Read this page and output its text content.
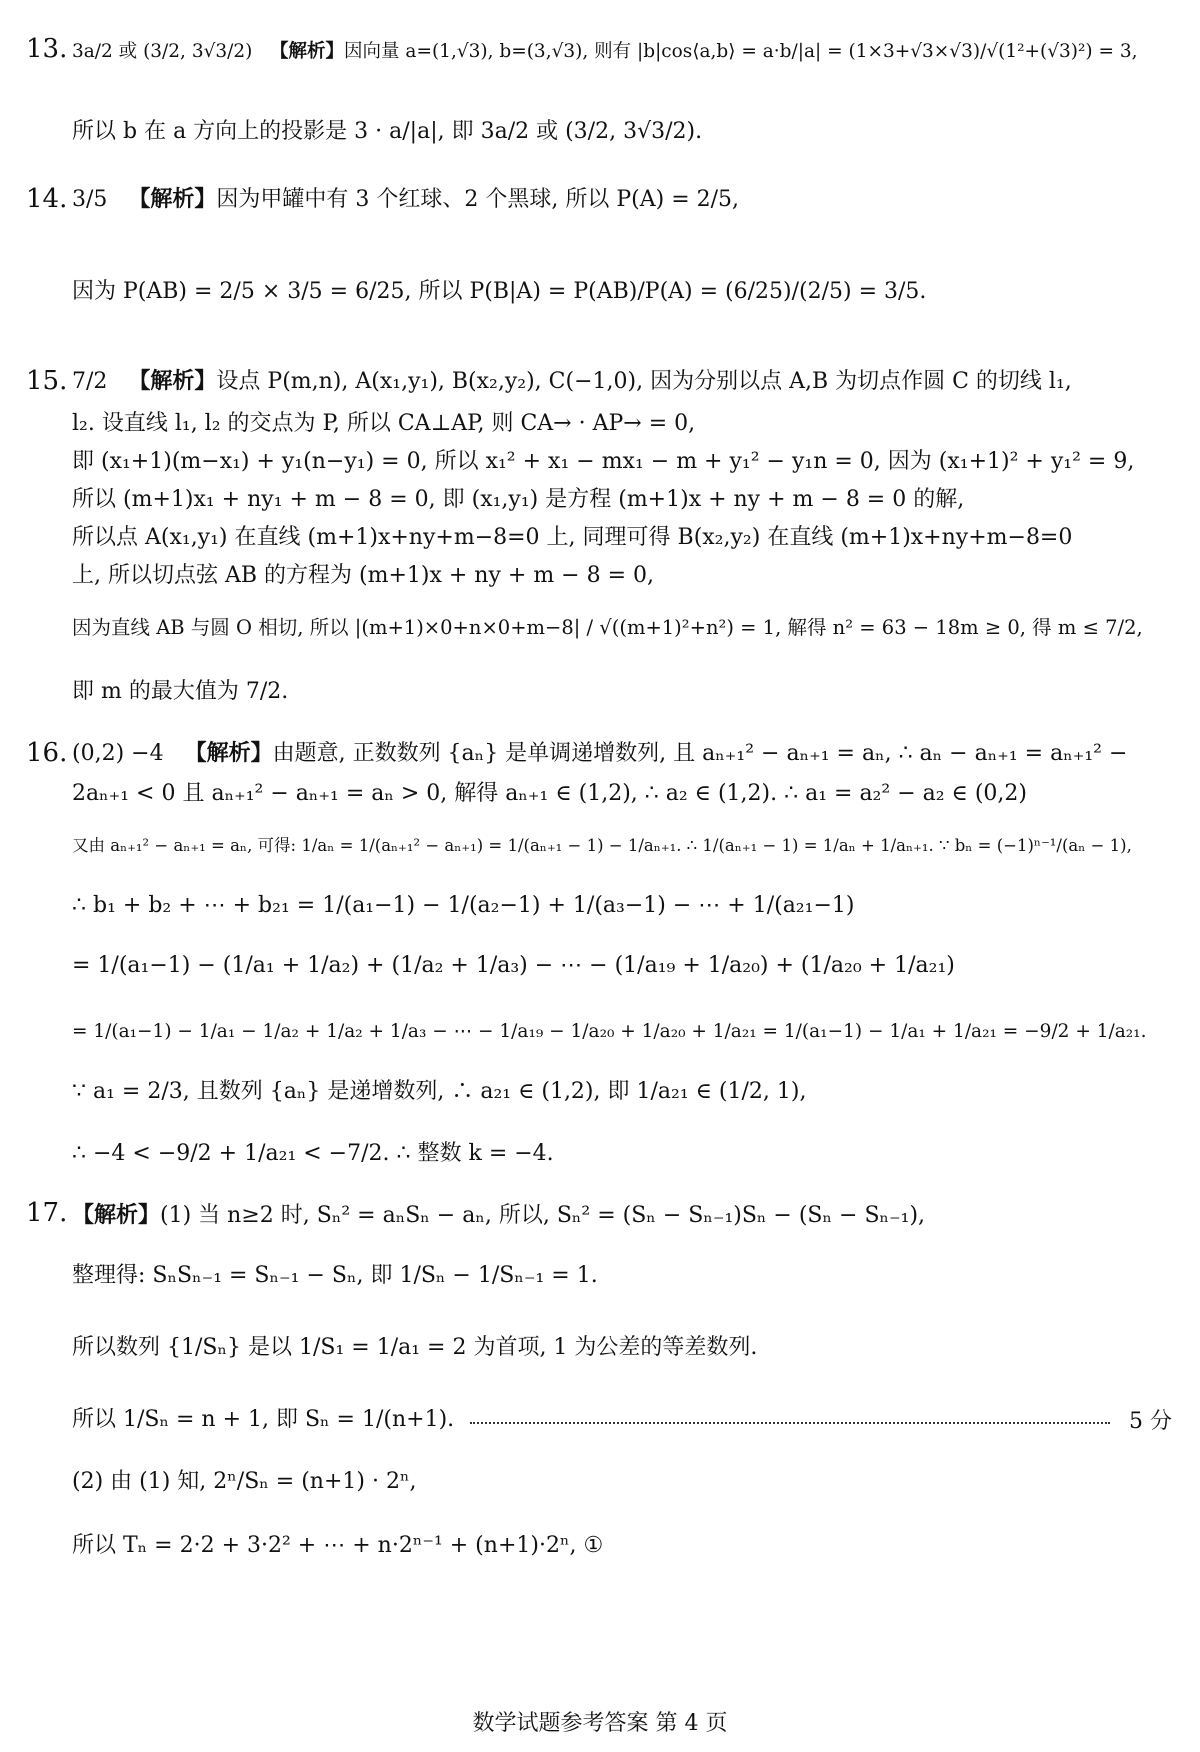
13. 3a/2 或 (3/2, 3√3/2) 【解析】因向量 a=(1,√3), b=(3,√3), 则有 |b|cos⟨a,b⟩ = a·b/|a| = (1×3+√3×√3)/√(1²+(√3)²) = 3,
所以 b 在 a 方向上的投影是 3 · a/|a|, 即 3a/2 或 (3/2, 3√3/2).
14. 3/5 【解析】因为甲罐中有 3 个红球、2 个黑球, 所以 P(A) = 2/5,
因为 P(AB) = 2/5 × 3/5 = 6/25, 所以 P(B|A) = P(AB)/P(A) = (6/25)/(2/5) = 3/5.
15. 7/2 【解析】设点 P(m,n), A(x₁,y₁), B(x₂,y₂), C(−1,0), 因为分别以点 A,B 为切点作圆 C 的切线 l₁,
l₂. 设直线 l₁, l₂ 的交点为 P, 所以 CA⊥AP, 则 CA→ · AP→ = 0,
即 (x₁+1)(m−x₁) + y₁(n−y₁) = 0, 所以 x₁² + x₁ − mx₁ − m + y₁² − y₁n = 0, 因为 (x₁+1)² + y₁² = 9,
所以 (m+1)x₁ + ny₁ + m − 8 = 0, 即 (x₁,y₁) 是方程 (m+1)x + ny + m − 8 = 0 的解,
所以点 A(x₁,y₁) 在直线 (m+1)x+ny+m−8=0 上, 同理可得 B(x₂,y₂) 在直线 (m+1)x+ny+m−8=0
上, 所以切点弦 AB 的方程为 (m+1)x + ny + m − 8 = 0,
因为直线 AB 与圆 O 相切, 所以 |(m+1)×0+n×0+m−8| / √((m+1)²+n²) = 1, 解得 n² = 63 − 18m ≥ 0, 得 m ≤ 7/2,
即 m 的最大值为 7/2.
16. (0,2) −4 【解析】由题意, 正数数列 {aₙ} 是单调递增数列, 且 aₙ₊₁² − aₙ₊₁ = aₙ, ∴ aₙ − aₙ₊₁ = aₙ₊₁² −
2aₙ₊₁ < 0 且 aₙ₊₁² − aₙ₊₁ = aₙ > 0, 解得 aₙ₊₁ ∈ (1,2), ∴ a₂ ∈ (1,2). ∴ a₁ = a₂² − a₂ ∈ (0,2)
又由 aₙ₊₁² − aₙ₊₁ = aₙ, 可得: 1/aₙ = 1/(aₙ₊₁² − aₙ₊₁) = 1/(aₙ₊₁ − 1) − 1/aₙ₊₁. ∴ 1/(aₙ₊₁ − 1) = 1/aₙ + 1/aₙ₊₁. ∵ bₙ = (−1)ⁿ⁻¹/(aₙ − 1),
∴ b₁ + b₂ + ⋯ + b₂₁ = 1/(a₁−1) − 1/(a₂−1) + 1/(a₃−1) − ⋯ + 1/(a₂₁−1)
= 1/(a₁−1) − (1/a₁ + 1/a₂) + (1/a₂ + 1/a₃) − ⋯ − (1/a₁₉ + 1/a₂₀) + (1/a₂₀ + 1/a₂₁)
= 1/(a₁−1) − 1/a₁ − 1/a₂ + 1/a₂ + 1/a₃ − ⋯ − 1/a₁₉ − 1/a₂₀ + 1/a₂₀ + 1/a₂₁ = 1/(a₁−1) − 1/a₁ + 1/a₂₁ = −9/2 + 1/a₂₁.
∵ a₁ = 2/3, 且数列 {aₙ} 是递增数列, ∴ a₂₁ ∈ (1,2), 即 1/a₂₁ ∈ (1/2, 1),
∴ −4 < −9/2 + 1/a₂₁ < −7/2. ∴ 整数 k = −4.
17. 【解析】(1) 当 n≥2 时, Sₙ² = aₙSₙ − aₙ, 所以, Sₙ² = (Sₙ − Sₙ₋₁)Sₙ − (Sₙ − Sₙ₋₁),
整理得: SₙSₙ₋₁ = Sₙ₋₁ − Sₙ, 即 1/Sₙ − 1/Sₙ₋₁ = 1.
所以数列 {1/Sₙ} 是以 1/S₁ = 1/a₁ = 2 为首项, 1 为公差的等差数列.
所以 1/Sₙ = n + 1, 即 Sₙ = 1/(n+1).	5 分
(2) 由 (1) 知, 2ⁿ/Sₙ = (n+1) · 2ⁿ,
所以 Tₙ = 2·2 + 3·2² + ⋯ + n·2ⁿ⁻¹ + (n+1)·2ⁿ, ①
数学试题参考答案 第 4 页
